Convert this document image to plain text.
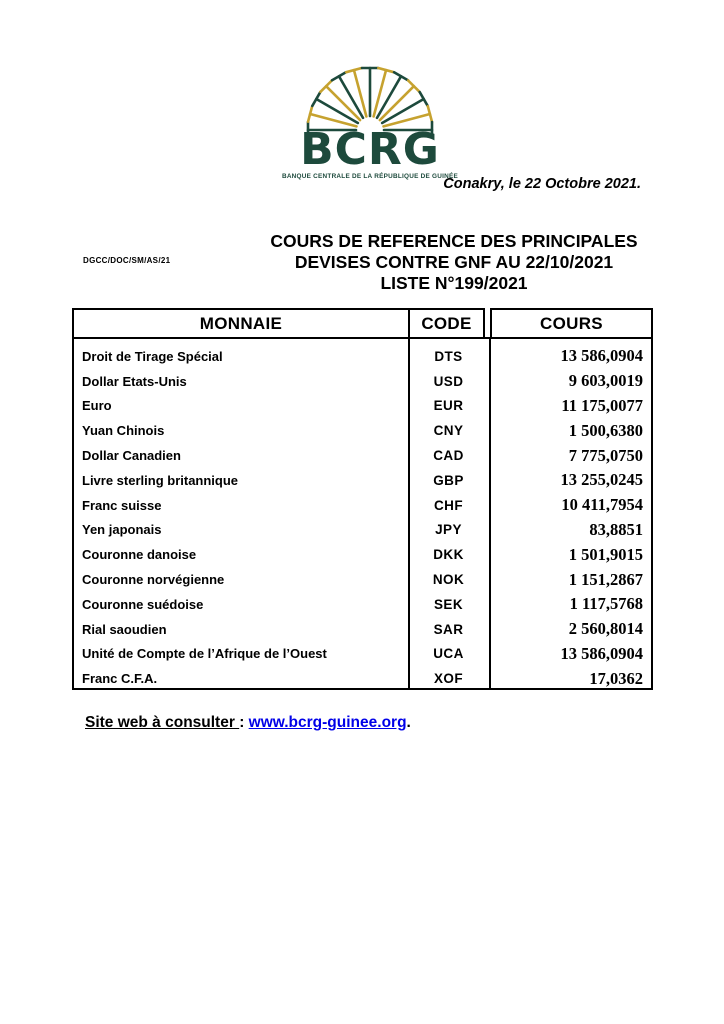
BCRG
BANQUE CENTRALE DE LA RÉPUBLIQUE DE GUINÉE
Conakry, le 22 Octobre 2021.
DGCC/DOC/SM/AS/21
COURS DE REFERENCE DES PRINCIPALES
DEVISES CONTRE GNF AU 22/10/2021
LISTE N°199/2021
MONNAIE	CODE	COURS
Droit de Tirage Spécial	DTS	13 586,0904
Dollar Etats-Unis	USD	9 603,0019
Euro	EUR	11 175,0077
Yuan Chinois	CNY	1 500,6380
Dollar Canadien	CAD	7 775,0750
Livre sterling britannique	GBP	13 255,0245
Franc suisse	CHF	10 411,7954
Yen japonais	JPY	83,8851
Couronne danoise	DKK	1 501,9015
Couronne norvégienne	NOK	1 151,2867
Couronne suédoise	SEK	1 117,5768
Rial saoudien	SAR	2 560,8014
Unité de Compte de l’Afrique de l’Ouest	UCA	13 586,0904
Franc C.F.A.	XOF	17,0362
Site web à consulter : www.bcrg-guinee.org.
